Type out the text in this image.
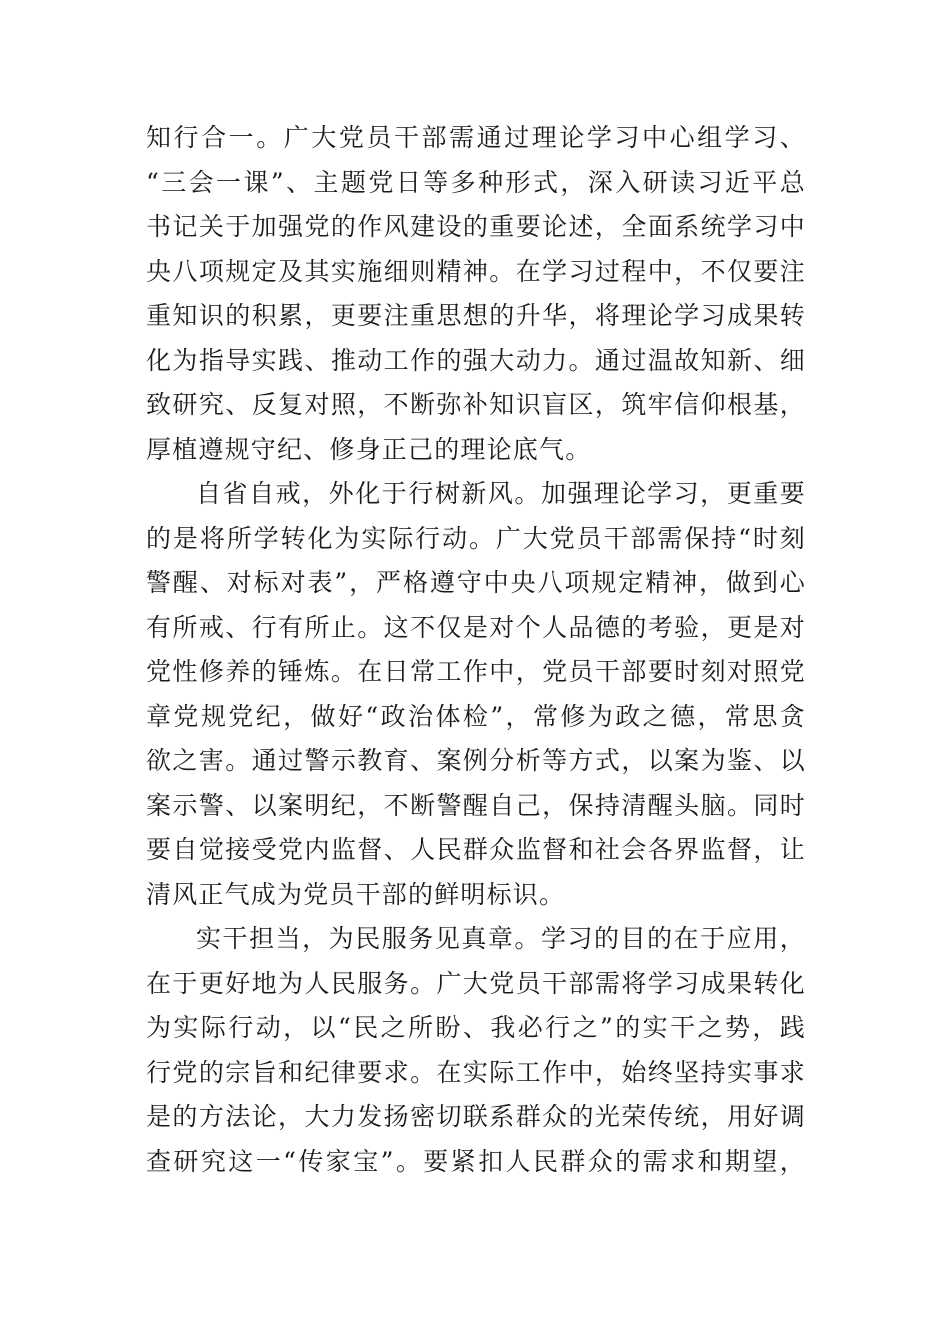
知行合一。广大党员干部需通过理论学习中心组学习、
“三会一课”、主题党日等多种形式，深入研读习近平总
书记关于加强党的作风建设的重要论述，全面系统学习中
央八项规定及其实施细则精神。在学习过程中，不仅要注
重知识的积累，更要注重思想的升华，将理论学习成果转
化为指导实践、推动工作的强大动力。通过温故知新、细
致研究、反复对照，不断弥补知识盲区，筑牢信仰根基，
厚植遵规守纪、修身正己的理论底气。
自省自戒，外化于行树新风。加强理论学习，更重要
的是将所学转化为实际行动。广大党员干部需保持“时刻
警醒、对标对表”，严格遵守中央八项规定精神，做到心
有所戒、行有所止。这不仅是对个人品德的考验，更是对
党性修养的锤炼。在日常工作中，党员干部要时刻对照党
章党规党纪，做好“政治体检”，常修为政之德，常思贪
欲之害。通过警示教育、案例分析等方式，以案为鉴、以
案示警、以案明纪，不断警醒自己，保持清醒头脑。同时
要自觉接受党内监督、人民群众监督和社会各界监督，让
清风正气成为党员干部的鲜明标识。
实干担当，为民服务见真章。学习的目的在于应用，
在于更好地为人民服务。广大党员干部需将学习成果转化
为实际行动，以“民之所盼、我必行之”的实干之势，践
行党的宗旨和纪律要求。在实际工作中，始终坚持实事求
是的方法论，大力发扬密切联系群众的光荣传统，用好调
查研究这一“传家宝”。要紧扣人民群众的需求和期望，
